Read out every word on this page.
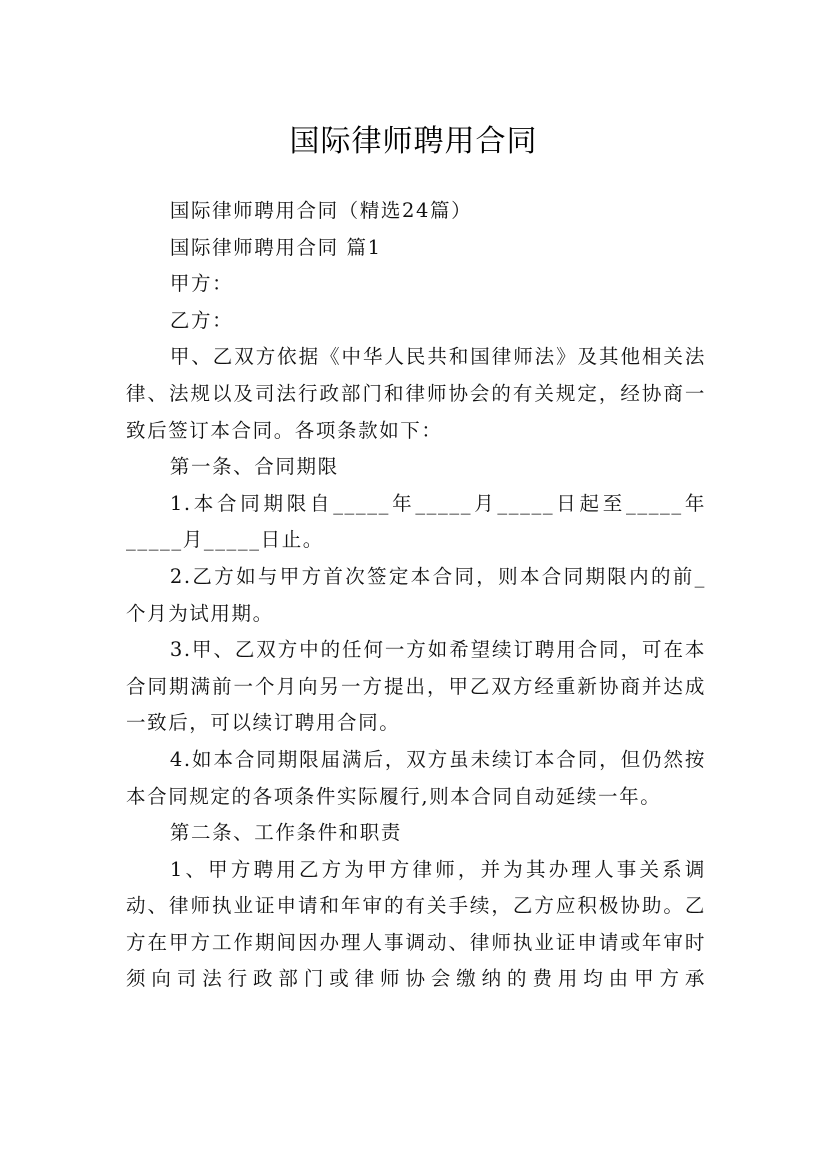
国际律师聘用合同

国际律师聘用合同（精选24篇）

国际律师聘用合同 篇1

甲方：

乙方：

甲、乙双方依据《中华人民共和国律师法》及其他相关法律、法规以及司法行政部门和律师协会的有关规定，经协商一致后签订本合同。各项条款如下：

第一条、合同期限

1.本合同期限自_____年_____月_____日起至_____年_____月_____日止。

2.乙方如与甲方首次签定本合同，则本合同期限内的前_个月为试用期。

3.甲、乙双方中的任何一方如希望续订聘用合同，可在本合同期满前一个月向另一方提出，甲乙双方经重新协商并达成一致后，可以续订聘用合同。

4.如本合同期限届满后，双方虽未续订本合同，但仍然按本合同规定的各项条件实际履行,则本合同自动延续一年。

第二条、工作条件和职责

1、甲方聘用乙方为甲方律师，并为其办理人事关系调动、律师执业证申请和年审的有关手续，乙方应积极协助。乙方在甲方工作期间因办理人事调动、律师执业证申请或年审时须向司法行政部门或律师协会缴纳的费用均由甲方承
